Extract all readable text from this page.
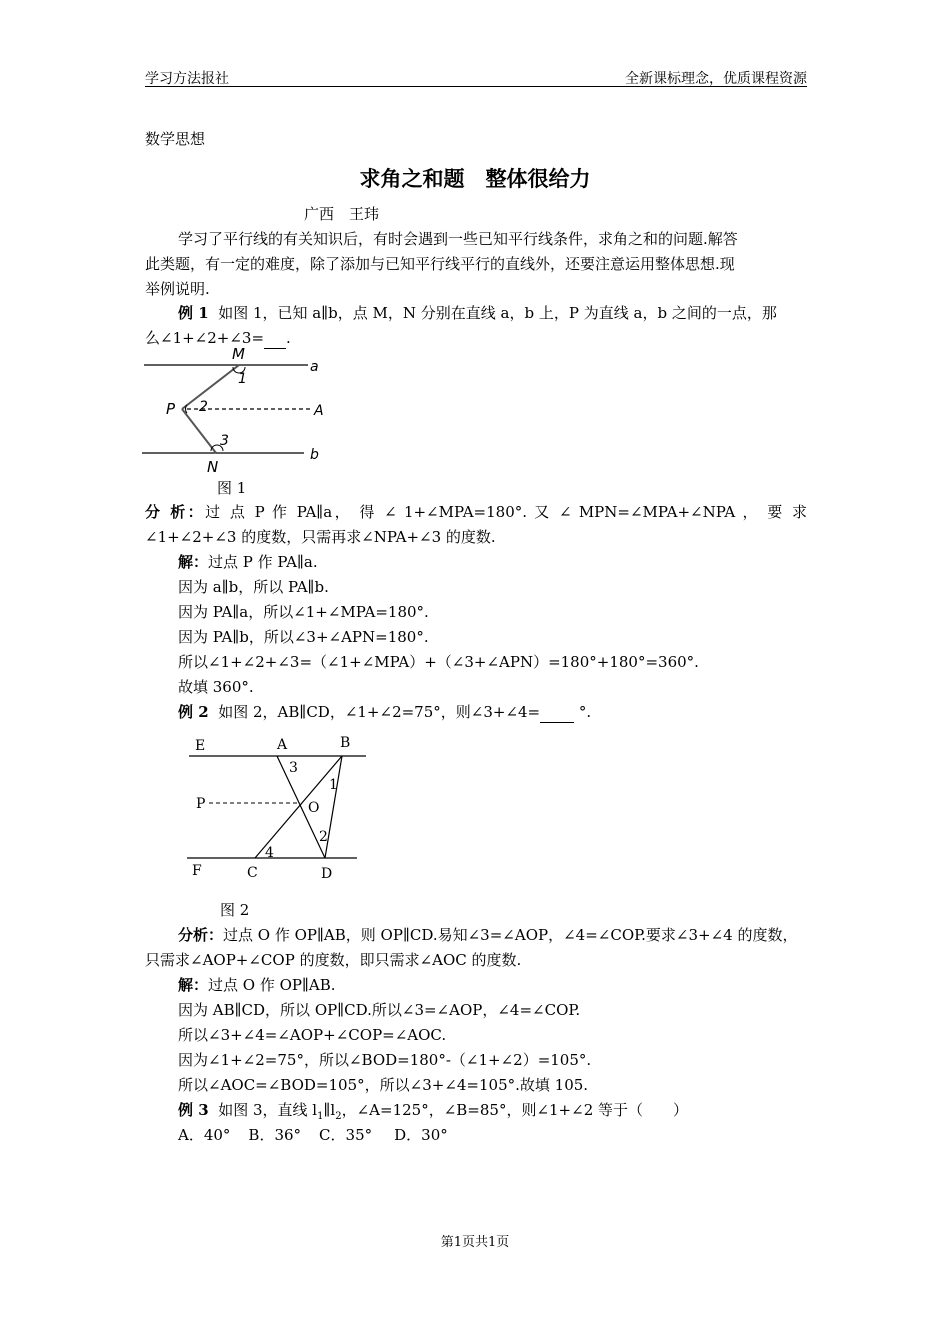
学习方法报社	全新课标理念，优质课程资源
数学思想
求角之和题　整体很给力
广西　王玮
学习了平行线的有关知识后，有时会遇到一些已知平行线条件，求角之和的问题.解答
此类题，有一定的难度，除了添加与已知平行线平行的直线外，还要注意运用整体思想.现
举例说明.
例 1 如图 1，已知 a∥b，点 M，N 分别在直线 a，b 上，P 为直线 a，b 之间的一点，那
么∠1+∠2+∠3= .
M
1
a
P 2	A
3
b
N
图 1
分 析：过 点 P 作 PA∥a， 得 ∠ 1+∠MPA=180°. 又 ∠ MPN=∠MPA+∠NPA ， 要 求
∠1+∠2+∠3 的度数，只需再求∠NPA+∠3 的度数.
解：过点 P 作 PA∥a.
因为 a∥b，所以 PA∥b.
因为 PA∥a，所以∠1+∠MPA=180°.
因为 PA∥b，所以∠3+∠APN=180°.
所以∠1+∠2+∠3=（∠1+∠MPA）+（∠3+∠APN）=180°+180°=360°.
故填 360°.
例 2 如图 2，AB∥CD，∠1+∠2=75°，则∠3+∠4=  °.
E	A	B
3
1
P	O
2
4
F	C	D
图 2
分析：过点 O 作 OP∥AB，则 OP∥CD.易知∠3=∠AOP，∠4=∠COP.要求∠3+∠4 的度数，
只需求∠AOP+∠COP 的度数，即只需求∠AOC 的度数.
解：过点 O 作 OP∥AB.
因为 AB∥CD，所以 OP∥CD.所以∠3=∠AOP，∠4=∠COP.
所以∠3+∠4=∠AOP+∠COP=∠AOC.
因为∠1+∠2=75°，所以∠BOD=180°-（∠1+∠2）=105°.
所以∠AOC=∠BOD=105°，所以∠3+∠4=105°.故填 105.
例 3 如图 3，直线 $l_1\parallel l_2$，∠A=125°，∠B=85°，则∠1+∠2 等于（　　）
A．40° B．36° C．35° D．30°
第1页共1页
